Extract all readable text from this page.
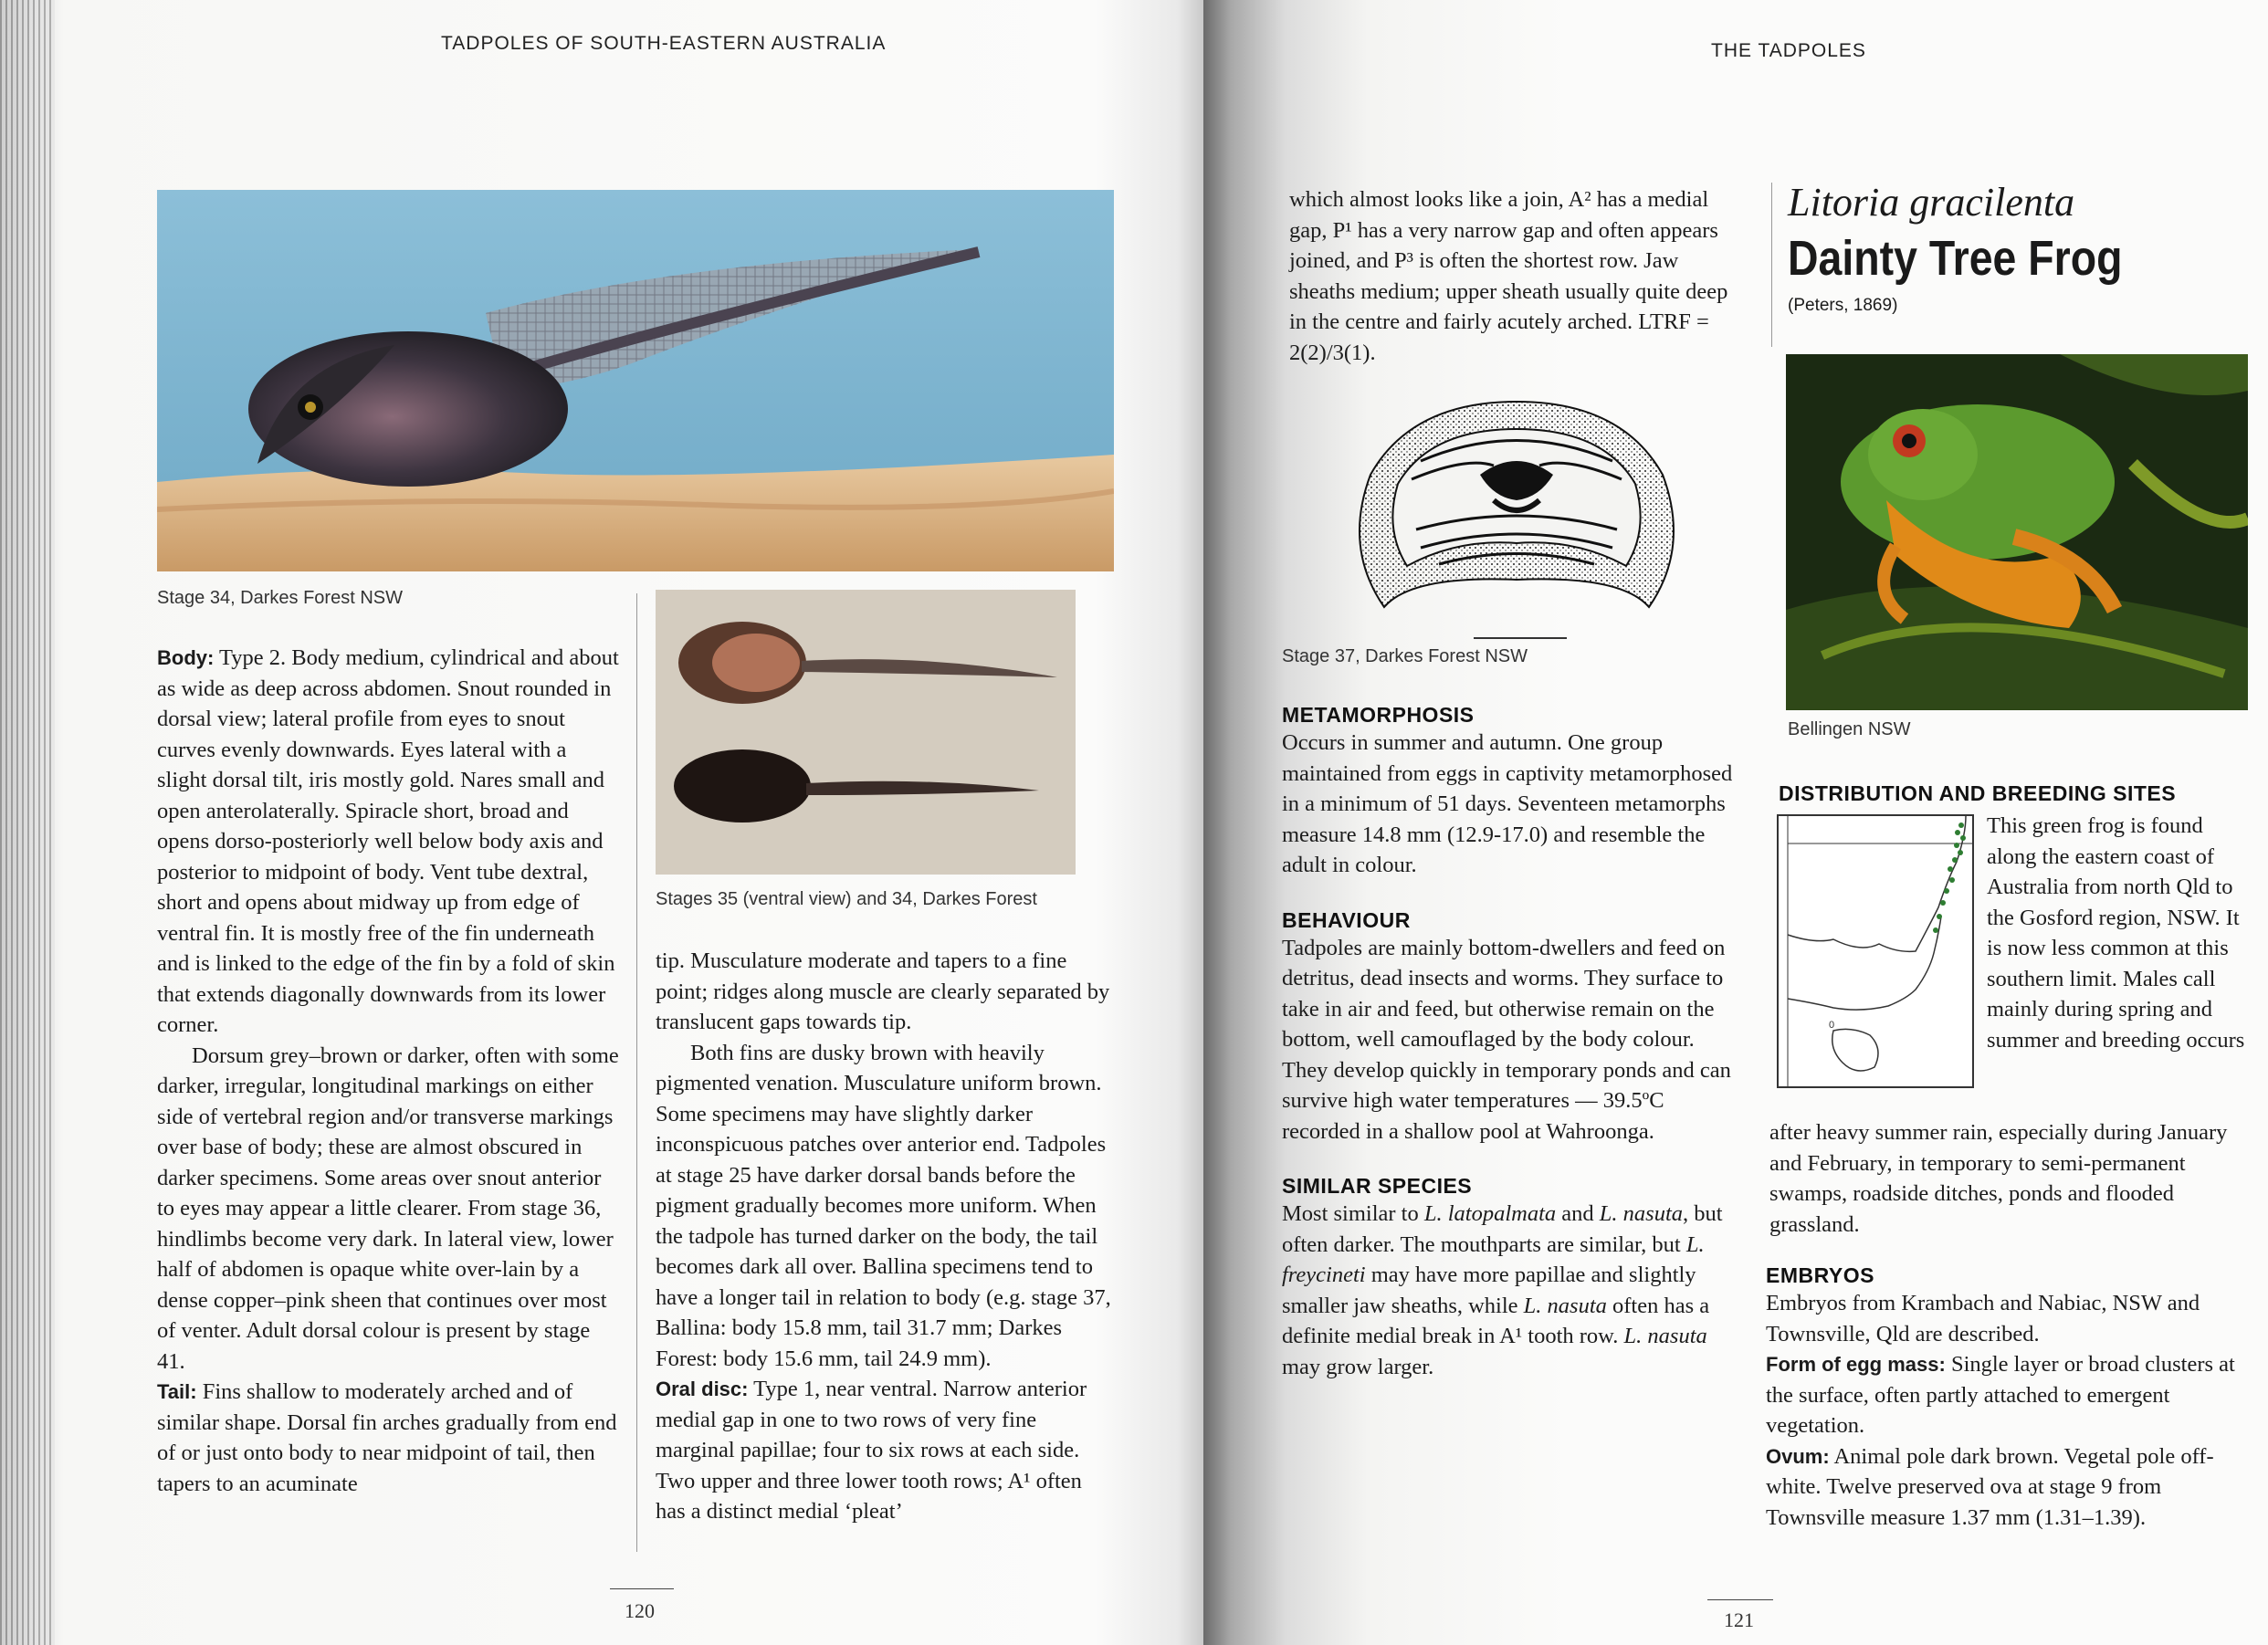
TADPOLES OF SOUTH-EASTERN AUSTRALIA
Stage 34, Darkes Forest NSW
Stages 35 (ventral view) and 34, Darkes Forest

Body: Type 2. Body medium, cylindrical and about as wide as deep across abdomen. Snout rounded in dorsal view; lateral profile from eyes to snout curves evenly downwards. Eyes lateral with a slight dorsal tilt, iris mostly gold. Nares small and open anterolaterally. Spiracle short, broad and opens dorso-posteriorly well below body axis and posterior to midpoint of body. Vent tube dextral, short and opens about midway up from edge of ventral fin. It is mostly free of the fin underneath and is linked to the edge of the fin by a fold of skin that extends diagonally downwards from its lower corner.

Dorsum grey–brown or darker, often with some darker, irregular, longitudinal markings on either side of vertebral region and/or transverse markings over base of body; these are almost obscured in darker specimens. Some areas over snout anterior to eyes may appear a little clearer. From stage 36, hindlimbs become very dark. In lateral view, lower half of abdomen is opaque white over-lain by a dense copper–pink sheen that continues over most of venter. Adult dorsal colour is present by stage 41.

Tail: Fins shallow to moderately arched and of similar shape. Dorsal fin arches gradually from end of or just onto body to near midpoint of tail, then tapers to an acuminate

tip. Musculature moderate and tapers to a fine point; ridges along muscle are clearly separated by translucent gaps towards tip.

Both fins are dusky brown with heavily pigmented venation. Musculature uniform brown. Some specimens may have slightly darker inconspicuous patches over anterior end. Tadpoles at stage 25 have darker dorsal bands before the pigment gradually becomes more uniform. When the tadpole has turned darker on the body, the tail becomes dark all over. Ballina specimens tend to have a longer tail in relation to body (e.g. stage 37, Ballina: body 15.8 mm, tail 31.7 mm; Darkes Forest: body 15.6 mm, tail 24.9 mm).

Oral disc: Type 1, near ventral. Narrow anterior medial gap in one to two rows of very fine marginal papillae; four to six rows at each side. Two upper and three lower tooth rows; A¹ often has a distinct medial ‘pleat’

120
THE TADPOLES

which almost looks like a join, A² has a medial gap, P¹ has a very narrow gap and often appears joined, and P³ is often the shortest row. Jaw sheaths medium; upper sheath usually quite deep in the centre and fairly acutely arched. LTRF = 2(2)/3(1).

Stage 37, Darkes Forest NSW
METAMORPHOSIS
Occurs in summer and autumn. One group maintained from eggs in captivity metamorphosed in a minimum of 51 days. Seventeen metamorphs measure 14.8 mm (12.9-17.0) and resemble the adult in colour.
BEHAVIOUR
Tadpoles are mainly bottom-dwellers and feed on detritus, dead insects and worms. They surface to take in air and feed, but otherwise remain on the bottom, well camouflaged by the body colour. They develop quickly in temporary ponds and can survive high water temperatures — 39.5ºC recorded in a shallow pool at Wahroonga.
SIMILAR SPECIES
Most similar to L. latopalmata and L. nasuta, but often darker. The mouthparts are similar, but L. freycineti may have more papillae and slightly smaller jaw sheaths, while L. nasuta often has a definite medial break in A¹ tooth row. L. nasuta may grow larger.
Litoria gracilenta
Dainty Tree Frog
(Peters, 1869)
Bellingen NSW
DISTRIBUTION AND BREEDING SITES
0
This green frog is found along the eastern coast of Australia from north Qld to the Gosford region, NSW. It is now less common at this southern limit. Males call mainly during spring and summer and breeding occurs
after heavy summer rain, especially during January and February, in temporary to semi-permanent swamps, roadside ditches, ponds and flooded grassland.
EMBRYOS
Embryos from Krambach and Nabiac, NSW and Townsville, Qld are described.
Form of egg mass: Single layer or broad clusters at the surface, often partly attached to emergent vegetation.
Ovum: Animal pole dark brown. Vegetal pole off-white. Twelve preserved ova at stage 9 from Townsville measure 1.37 mm (1.31–1.39).
121
